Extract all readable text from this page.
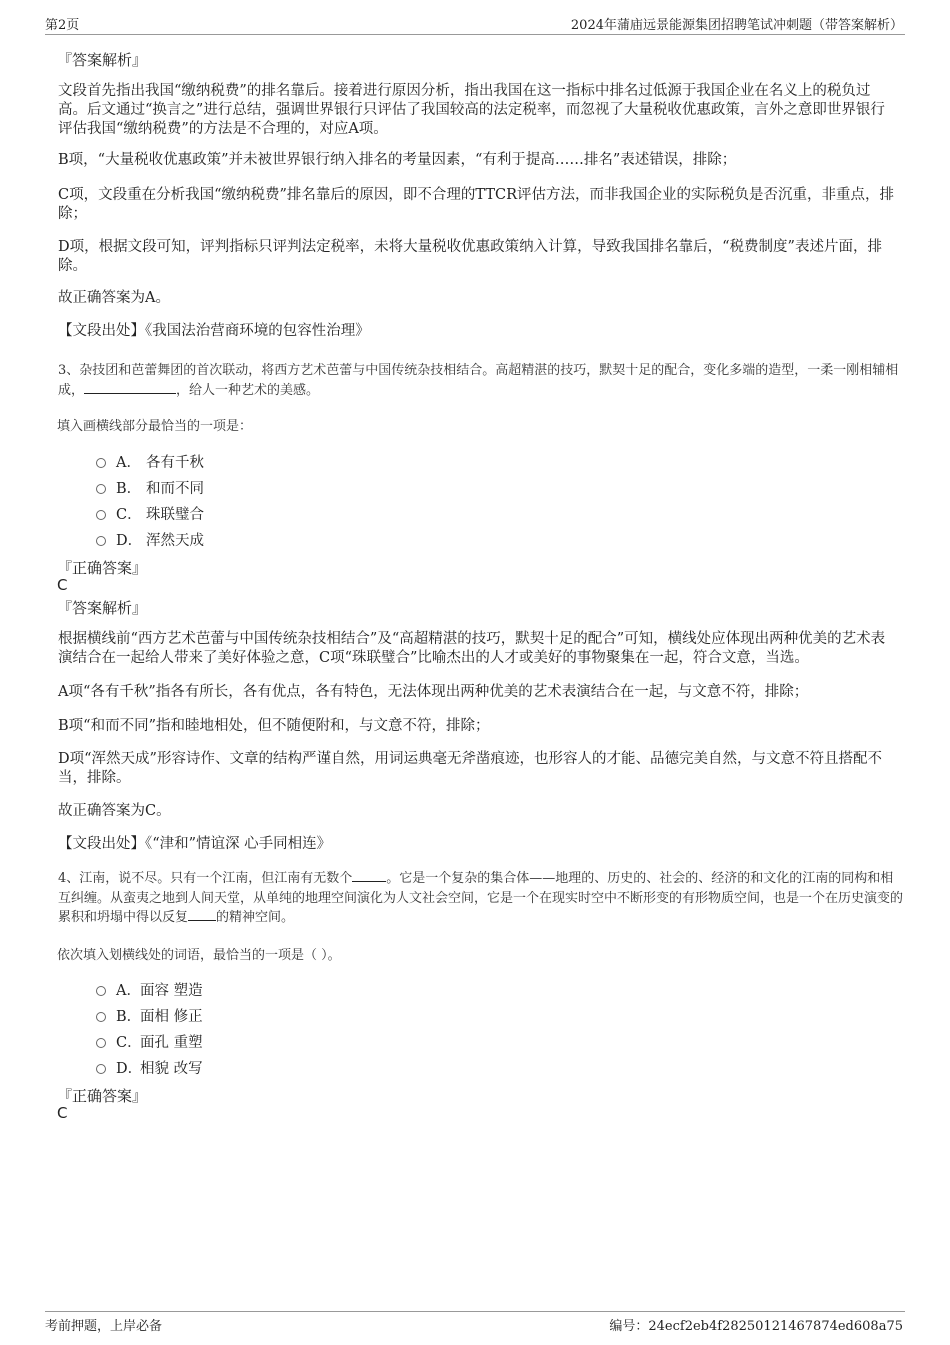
第2页	2024年蒲庙远景能源集团招聘笔试冲刺题（带答案解析）
『答案解析』
文段首先指出我国“缴纳税费”的排名靠后。接着进行原因分析，指出我国在这一指标中排名过低源于我国企业在名义上的税负过高。后文通过“换言之”进行总结，强调世界银行只评估了我国较高的法定税率，而忽视了大量税收优惠政策，言外之意即世界银行评估我国“缴纳税费”的方法是不合理的，对应A项。
B项，“大量税收优惠政策”并未被世界银行纳入排名的考量因素，“有利于提高……排名”表述错误，排除；
C项，文段重在分析我国“缴纳税费”排名靠后的原因，即不合理的TTCR评估方法，而非我国企业的实际税负是否沉重，非重点，排除；
D项，根据文段可知，评判指标只评判法定税率，未将大量税收优惠政策纳入计算，导致我国排名靠后，“税费制度”表述片面，排除。
故正确答案为A。
【文段出处】《我国法治营商环境的包容性治理》
3、杂技团和芭蕾舞团的首次联动，将西方艺术芭蕾与中国传统杂技相结合。高超精湛的技巧，默契十足的配合，变化多端的造型，一柔一刚相辅相成，	，给人一种艺术的美感。
填入画横线部分最恰当的一项是：
A． 各有千秋
B． 和而不同
C． 珠联璧合
D． 浑然天成
『正确答案』
C
『答案解析』
根据横线前“西方艺术芭蕾与中国传统杂技相结合”及“高超精湛的技巧，默契十足的配合”可知，横线处应体现出两种优美的艺术表演结合在一起给人带来了美好体验之意，C项“珠联璧合”比喻杰出的人才或美好的事物聚集在一起，符合文意，当选。
A项“各有千秋”指各有所长，各有优点，各有特色，无法体现出两种优美的艺术表演结合在一起，与文意不符，排除；
B项“和而不同”指和睦地相处，但不随便附和，与文意不符，排除；
D项“浑然天成”形容诗作、文章的结构严谨自然，用词运典毫无斧凿痕迹，也形容人的才能、品德完美自然，与文意不符且搭配不当，排除。
故正确答案为C。
【文段出处】《“津和”情谊深 心手同相连》
4、江南，说不尽。只有一个江南，但江南有无数个	。它是一个复杂的集合体——地理的、历史的、社会的、经济的和文化的江南的同构和相互纠缠。从蛮夷之地到人间天堂，从单纯的地理空间演化为人文社会空间，它是一个在现实时空中不断形变的有形物质空间，也是一个在历史演变的累积和坍塌中得以反复 的精神空间。
依次填入划横线处的词语，最恰当的一项是（ ）。
A．面容 塑造
B．面相 修正
C．面孔 重塑
D．相貌 改写
『正确答案』
C
考前押题，上岸必备	编号：24ecf2eb4f28250121467874ed608a75
